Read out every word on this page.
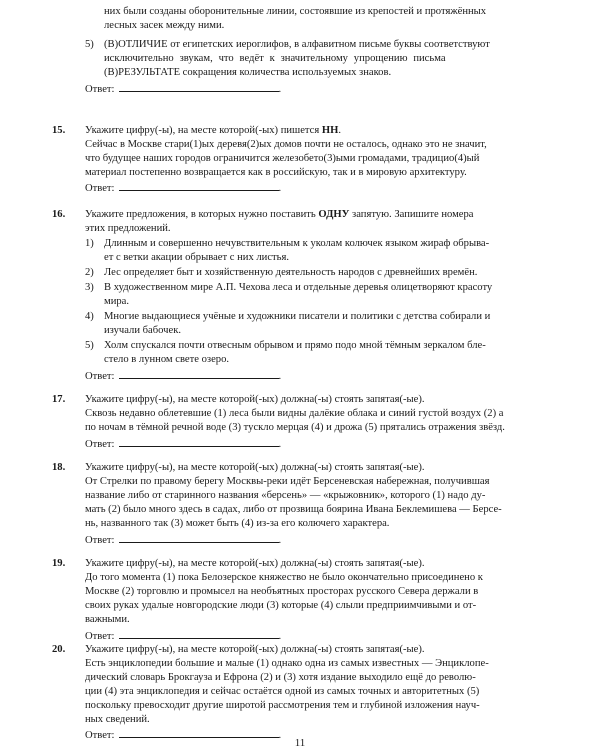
них были созданы оборонительные линии, состоявшие из крепостей и протяжённых
лесных засек между ними.
5) (В)ОТЛИЧИЕ от египетских иероглифов, в алфавитном письме буквы соответствуют
исключительно звукам, что ведёт к значительному упрощению письма
(В)РЕЗУЛЬТАТЕ сокращения количества используемых знаков.
Ответ:	.
15. Укажите цифру(-ы), на месте которой(-ых) пишется НН.
Сейчас в Москве стари(1)ых деревя(2)ых домов почти не осталось, однако это не значит,
что будущее наших городов ограничится железобето(3)ыми громадами, традицио(4)ый
материал постепенно возвращается как в российскую, так и в мировую архитектуру.
Ответ:	.
16. Укажите предложения, в которых нужно поставить ОДНУ запятую. Запишите номера
этих предложений.
1) Длинным и совершенно нечувствительным к уколам колючек языком жираф обрыва-
ет с ветки акации обрывает с них листья.
2) Лес определяет быт и хозяйственную деятельность народов с древнейших времён.
3) В художественном мире А.П. Чехова леса и отдельные деревья олицетворяют красоту
мира.
4) Многие выдающиеся учёные и художники писатели и политики с детства собирали и
изучали бабочек.
5) Холм спускался почти отвесным обрывом и прямо подо мной тёмным зеркалом бле-
стело в лунном свете озеро.
Ответ:	.
17. Укажите цифру(-ы), на месте которой(-ых) должна(-ы) стоять запятая(-ые).
Сквозь недавно облетевшие (1) леса были видны далёкие облака и синий густой воздух (2) а
по ночам в тёмной речной воде (3) тускло мерцая (4) и дрожа (5) прятались отражения звёзд.
Ответ:	.
18. Укажите цифру(-ы), на месте которой(-ых) должна(-ы) стоять запятая(-ые).
От Стрелки по правому берегу Москвы-реки идёт Берсеневская набережная, получившая
название либо от старинного названия «берсень» — «крыжовник», которого (1) надо ду-
мать (2) было много здесь в садах, либо от прозвища боярина Ивана Беклемишева — Берсе-
нь, названного так (3) может быть (4) из-за его колючего характера.
Ответ:	.
19. Укажите цифру(-ы), на месте которой(-ых) должна(-ы) стоять запятая(-ые).
До того момента (1) пока Белозерское княжество не было окончательно присоединено к
Москве (2) торговлю и промысел на необъятных просторах русского Севера держали в
своих руках удалые новгородские люди (3) которые (4) слыли предприимчивыми и от-
важными.
Ответ:	.
20. Укажите цифру(-ы), на месте которой(-ых) должна(-ы) стоять запятая(-ые).
Есть энциклопедии большие и малые (1) однако одна из самых известных — Энциклопе-
дический словарь Брокгауза и Ефрона (2) и (3) хотя издание выходило ещё до револю-
ции (4) эта энциклопедия и сейчас остаётся одной из самых точных и авторитетных (5)
поскольку превосходит другие широтой рассмотрения тем и глубиной изложения науч-
ных сведений.
Ответ:	.
11
